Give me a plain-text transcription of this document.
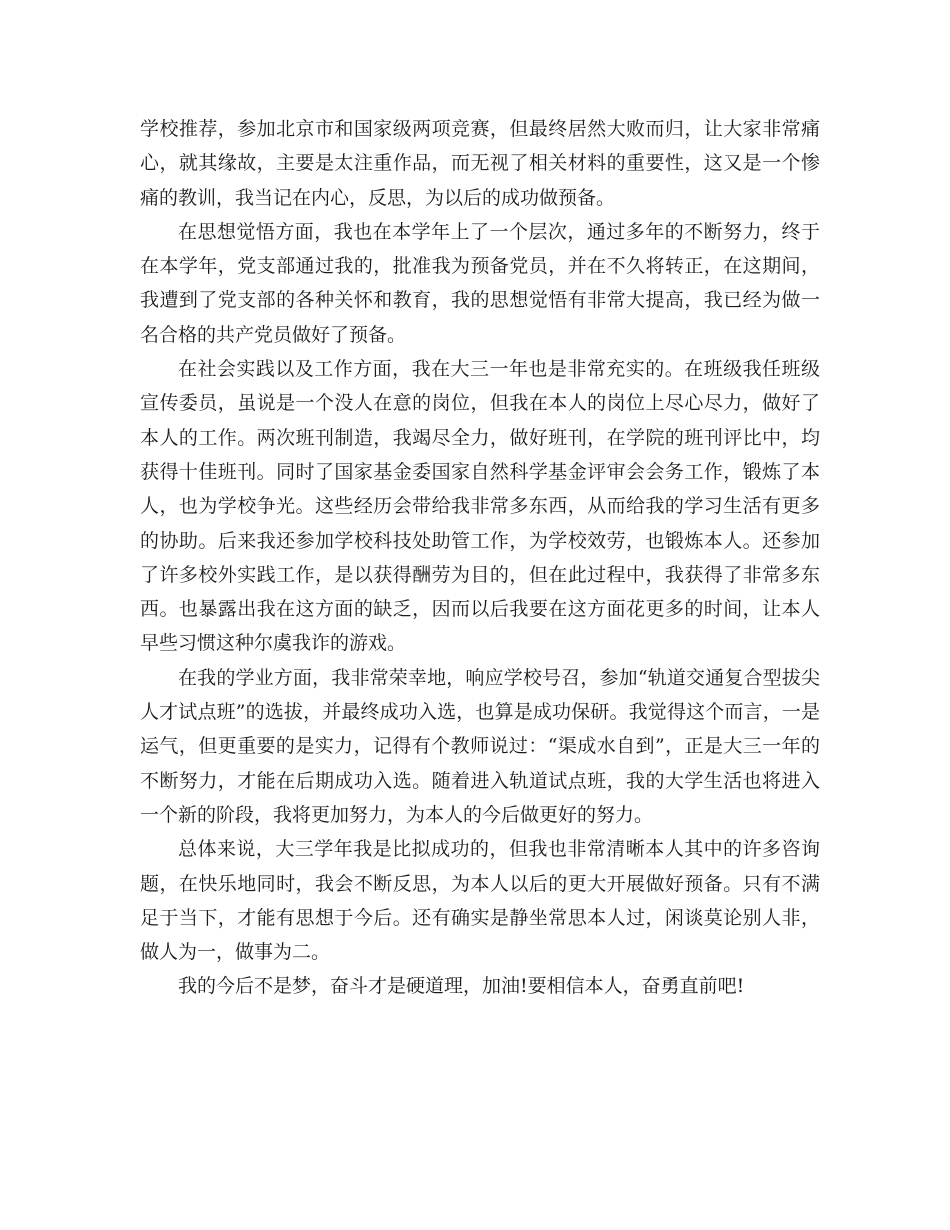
学校推荐，参加北京市和国家级两项竞赛，但最终居然大败而归，让大家非常痛心，就其缘故，主要是太注重作品，而无视了相关材料的重要性，这又是一个惨痛的教训，我当记在内心，反思，为以后的成功做预备。

在思想觉悟方面，我也在本学年上了一个层次，通过多年的不断努力，终于在本学年，党支部通过我的，批准我为预备党员，并在不久将转正，在这期间，我遭到了党支部的各种关怀和教育，我的思想觉悟有非常大提高，我已经为做一名合格的共产党员做好了预备。

在社会实践以及工作方面，我在大三一年也是非常充实的。在班级我任班级宣传委员，虽说是一个没人在意的岗位，但我在本人的岗位上尽心尽力，做好了本人的工作。两次班刊制造，我竭尽全力，做好班刊，在学院的班刊评比中，均获得十佳班刊。同时了国家基金委国家自然科学基金评审会会务工作，锻炼了本人，也为学校争光。这些经历会带给我非常多东西，从而给我的学习生活有更多的协助。后来我还参加学校科技处助管工作，为学校效劳，也锻炼本人。还参加了许多校外实践工作，是以获得酬劳为目的，但在此过程中，我获得了非常多东西。也暴露出我在这方面的缺乏，因而以后我要在这方面花更多的时间，让本人早些习惯这种尔虞我诈的游戏。

在我的学业方面，我非常荣幸地，响应学校号召，参加“轨道交通复合型拔尖人才试点班”的选拔，并最终成功入选，也算是成功保研。我觉得这个而言，一是运气，但更重要的是实力，记得有个教师说过：“渠成水自到”，正是大三一年的不断努力，才能在后期成功入选。随着进入轨道试点班，我的大学生活也将进入一个新的阶段，我将更加努力，为本人的今后做更好的努力。

总体来说，大三学年我是比拟成功的，但我也非常清晰本人其中的许多咨询题，在快乐地同时，我会不断反思，为本人以后的更大开展做好预备。只有不满足于当下，才能有思想于今后。还有确实是静坐常思本人过，闲谈莫论别人非，做人为一，做事为二。

我的今后不是梦，奋斗才是硬道理，加油!要相信本人，奋勇直前吧!
